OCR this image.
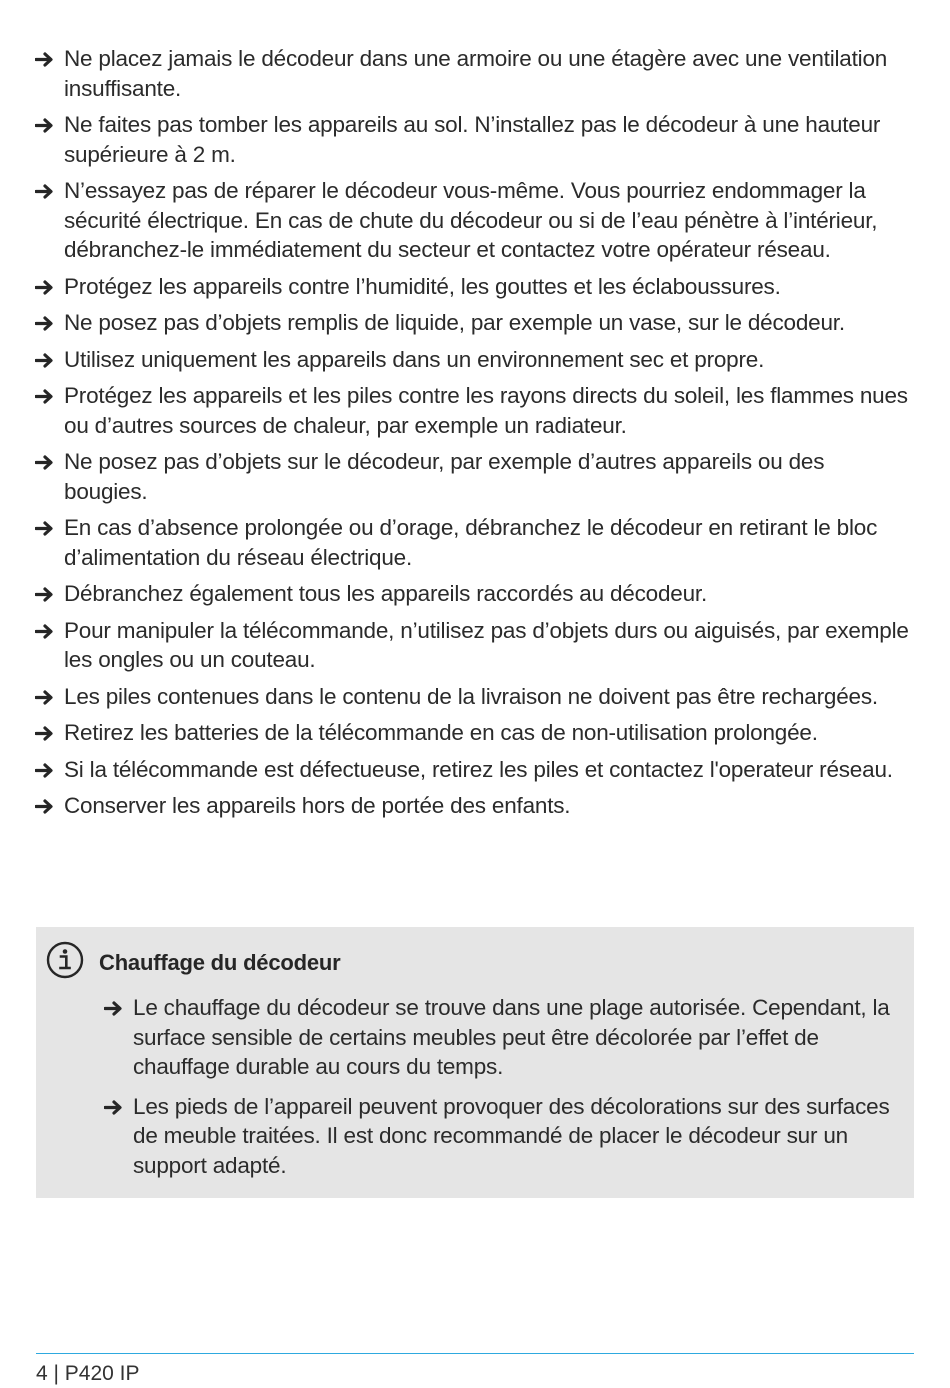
Ne placez jamais le décodeur dans une armoire ou une étagère avec une ventilation insuffisante.
Ne faites pas tomber les appareils au sol. N’installez pas le décodeur à une hauteur supérieure à 2 m.
N’essayez pas de réparer le décodeur vous-même. Vous pourriez endommager la sécurité électrique. En cas de chute du décodeur ou si de l’eau pénètre à l’intérieur, débranchez-le immédiatement du secteur et contactez votre opérateur réseau.
Protégez les appareils contre l’humidité, les gouttes et les éclaboussures.
Ne posez pas d’objets remplis de liquide, par exemple un vase, sur le décodeur.
Utilisez uniquement les appareils dans un environnement sec et propre.
Protégez les appareils et les piles contre les rayons directs du soleil, les flammes nues ou d’autres sources de chaleur, par exemple un radiateur.
Ne posez pas d’objets sur le décodeur, par exemple d’autres appareils ou des bougies.
En cas d’absence prolongée ou d’orage, débranchez le décodeur en retirant le bloc d’alimentation du réseau électrique.
Débranchez également tous les appareils raccordés au décodeur.
Pour manipuler la télécommande, n’utilisez pas d’objets durs ou aiguisés, par exemple les ongles ou un couteau.
Les piles contenues dans le contenu de la livraison ne doivent pas être rechargées.
Retirez les batteries de la télécommande en cas de non-utilisation prolongée.
Si la télécommande est défectueuse, retirez les piles et contactez l'operateur réseau.
Conserver les appareils hors de portée des enfants.
Chauffage du décodeur
Le chauffage du décodeur se trouve dans une plage autorisée. Cependant, la surface sensible de certains meubles peut être décolorée par l’effet de chauffage durable au cours du temps.
Les pieds de l’appareil peuvent provoquer des décolorations sur des surfaces de meuble traitées. Il est donc recommandé de placer le décodeur sur un support adapté.
4 | P420 IP
